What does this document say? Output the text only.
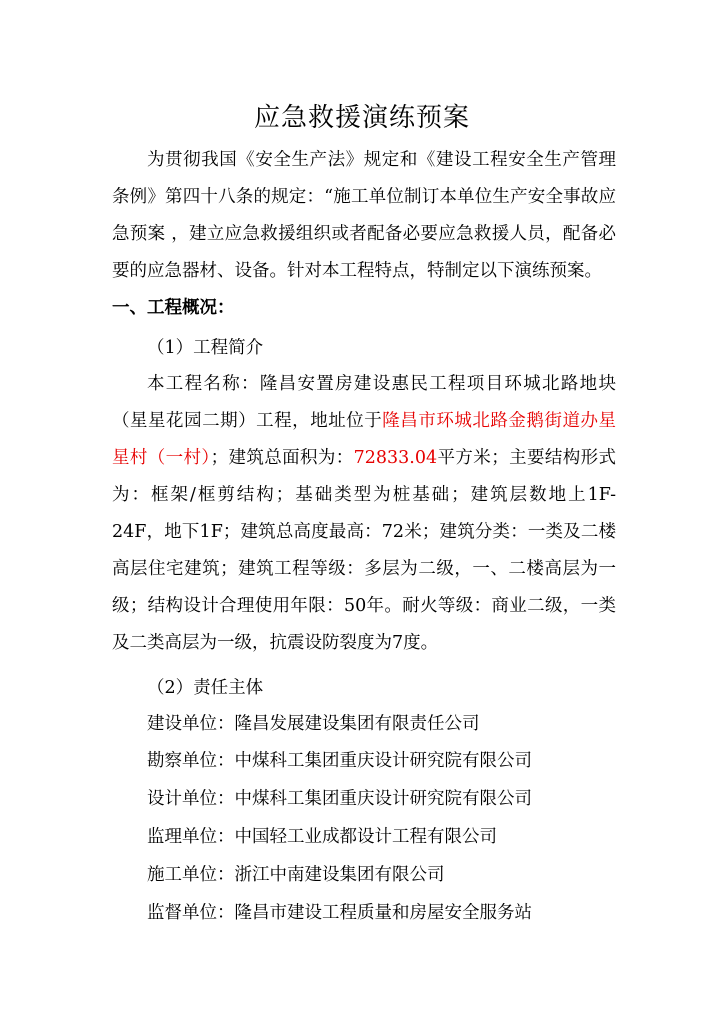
应急救援演练预案

为贯彻我国《安全生产法》规定和《建设工程安全生产管理条例》第四十八条的规定：“施工单位制订本单位生产安全事故应急预案 ，建立应急救援组织或者配备必要应急救援人员，配备必要的应急器材、设备。针对本工程特点，特制定以下演练预案。

一、工程概况：
（1）工程简介

本工程名称：隆昌安置房建设惠民工程项目环城北路地块（星星花园二期）工程，地址位于隆昌市环城北路金鹅街道办星星村（一村）；建筑总面积为：72833.04平方米；主要结构形式为：框架/框剪结构；基础类型为桩基础；建筑层数地上1F-24F，地下1F；建筑总高度最高：72米；建筑分类：一类及二楼高层住宅建筑；建筑工程等级：多层为二级，一、二楼高层为一级；结构设计合理使用年限：50年。耐火等级：商业二级，一类及二类高层为一级，抗震设防裂度为7度。

（2）责任主体
建设单位：隆昌发展建设集团有限责任公司
勘察单位：中煤科工集团重庆设计研究院有限公司
设计单位：中煤科工集团重庆设计研究院有限公司
监理单位：中国轻工业成都设计工程有限公司
施工单位：浙江中南建设集团有限公司
监督单位：隆昌市建设工程质量和房屋安全服务站
